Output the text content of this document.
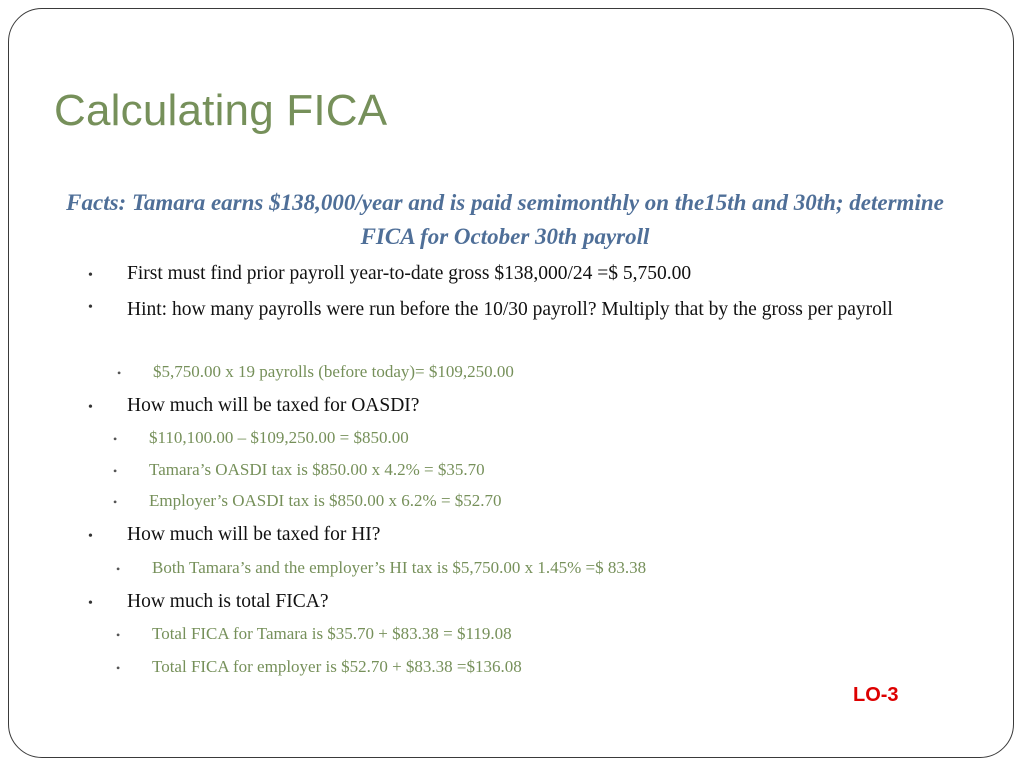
Calculating FICA
Facts: Tamara earns $138,000/year and is paid semimonthly on the15th and 30th; determine FICA for October 30th payroll
• First must find prior payroll year-to-date gross $138,000/24 =$ 5,750.00
• Hint: how many payrolls were run before the 10/30 payroll? Multiply that by the gross per payroll
• $5,750.00 x 19 payrolls (before today)= $109,250.00
• How much will be taxed for OASDI?
• $110,100.00 – $109,250.00 = $850.00
• Tamara’s OASDI tax is $850.00 x 4.2% = $35.70
• Employer’s OASDI tax is $850.00 x 6.2% = $52.70
• How much will be taxed for HI?
• Both Tamara’s and the employer’s HI tax is $5,750.00 x 1.45% =$ 83.38
• How much is total FICA?
• Total FICA for Tamara is $35.70 + $83.38 = $119.08
• Total FICA for employer is $52.70 + $83.38 =$136.08
LO-3
